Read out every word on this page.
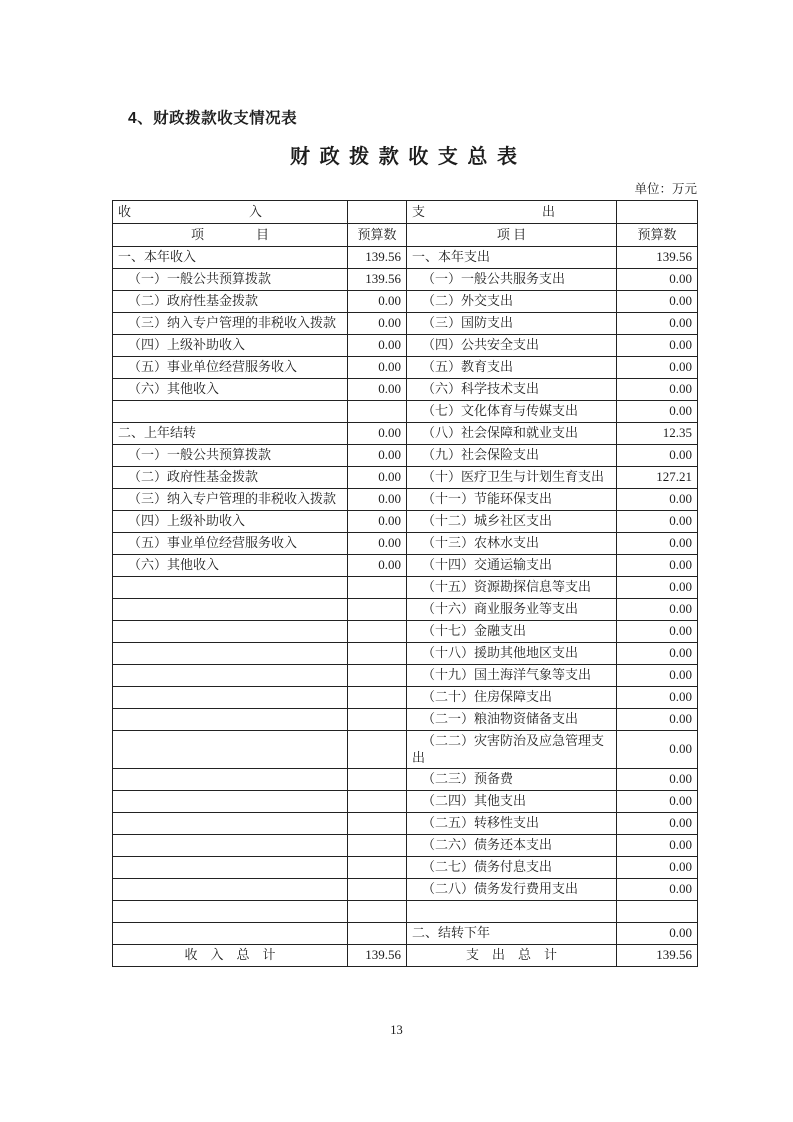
4、财政拨款收支情况表
财 政 拨 款 收 支 总 表
单位：万元
收 入		支 出	

项　　　　目	预算数	项 目	预算数
一、本年收入	139.56	一、本年支出	139.56
（一）一般公共预算拨款	139.56	（一）一般公共服务支出	0.00
（二）政府性基金拨款	0.00	（二）外交支出	0.00
（三）纳入专户管理的非税收入拨款	0.00	（三）国防支出	0.00
（四）上级补助收入	0.00	（四）公共安全支出	0.00
（五）事业单位经营服务收入	0.00	（五）教育支出	0.00
（六）其他收入	0.00	（六）科学技术支出	0.00
		（七）文化体育与传媒支出	0.00
二、上年结转	0.00	（八）社会保障和就业支出	12.35
（一）一般公共预算拨款	0.00	（九）社会保险支出	0.00
（二）政府性基金拨款	0.00	（十）医疗卫生与计划生育支出	127.21
（三）纳入专户管理的非税收入拨款	0.00	（十一）节能环保支出	0.00
（四）上级补助收入	0.00	（十二）城乡社区支出	0.00
（五）事业单位经营服务收入	0.00	（十三）农林水支出	0.00
（六）其他收入	0.00	（十四）交通运输支出	0.00
		（十五）资源勘探信息等支出	0.00
		（十六）商业服务业等支出	0.00
		（十七）金融支出	0.00
		（十八）援助其他地区支出	0.00
		（十九）国土海洋气象等支出	0.00
		（二十）住房保障支出	0.00
		（二一）粮油物资储备支出	0.00
		（二二）灾害防治及应急管理支出	0.00
		（二三）预备费	0.00
		（二四）其他支出	0.00
		（二五）转移性支出	0.00
		（二六）债务还本支出	0.00
		（二七）债务付息支出	0.00
		（二八）债务发行费用支出	0.00

		二、结转下年	0.00
收　入　总　计	139.56	支　出　总　计	139.56
13
